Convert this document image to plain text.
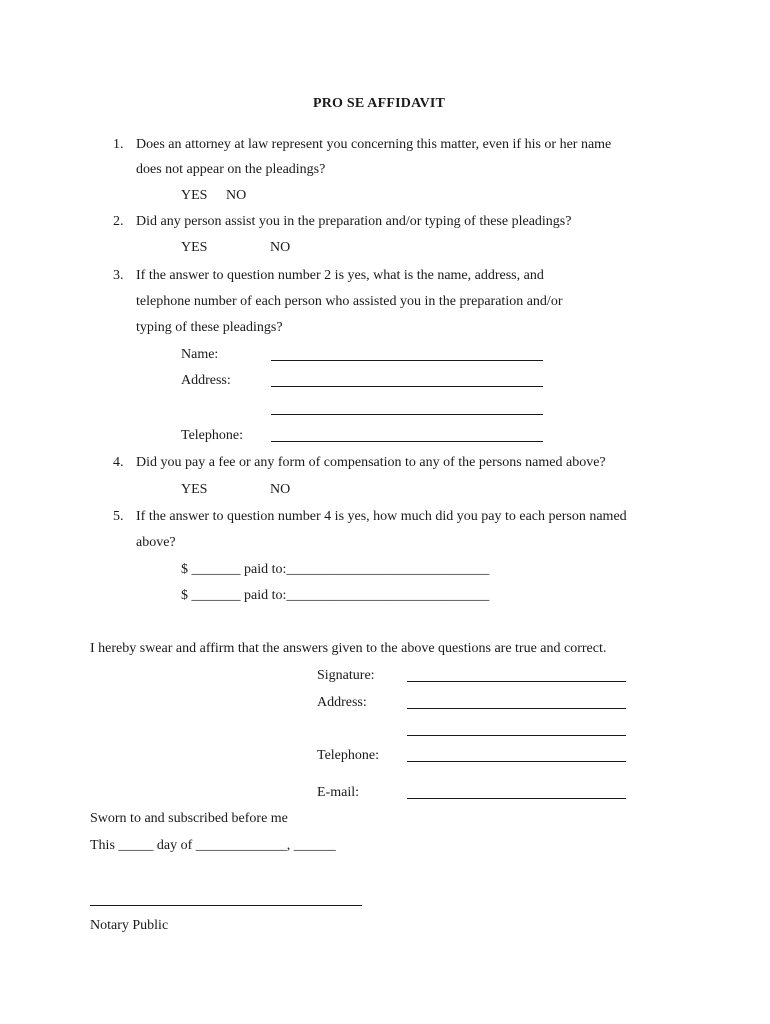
PRO SE AFFIDAVIT
1. Does an attorney at law represent you concerning this matter, even if his or her name
does not appear on the pleadings?
YES NO
2. Did any person assist you in the preparation and/or typing of these pleadings?
YES	NO
3. If the answer to question number 2 is yes, what is the name, address, and
telephone number of each person who assisted you in the preparation and/or
typing of these pleadings?
Name:
Address:
Telephone:
4. Did you pay a fee or any form of compensation to any of the persons named above?
YES	NO
5. If the answer to question number 4 is yes, how much did you pay to each person named
above?
$ _______ paid to:_____________________________
$ _______ paid to:_____________________________
I hereby swear and affirm that the answers given to the above questions are true and correct.
Signature:
Address:
Telephone:
E-mail:
Sworn to and subscribed before me
This _____ day of _____________, ______
Notary Public
